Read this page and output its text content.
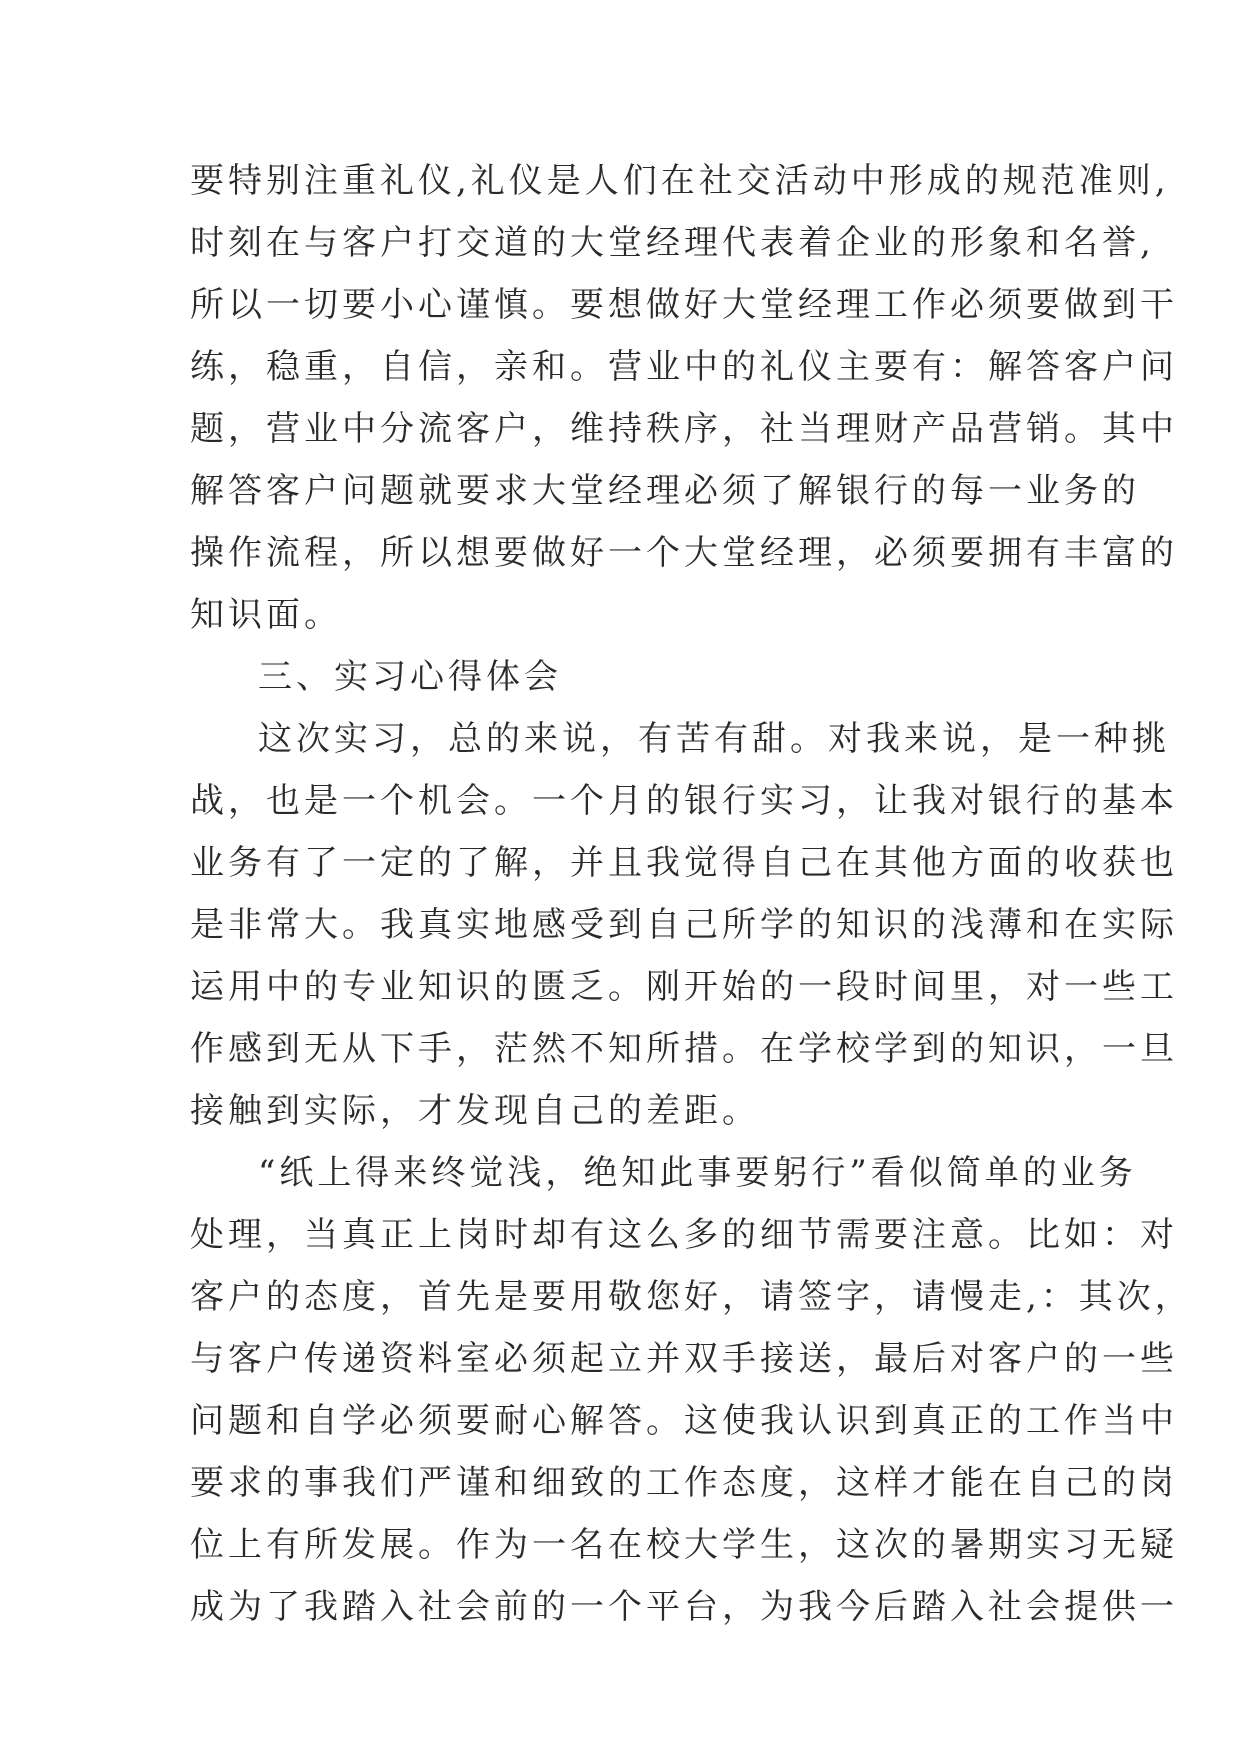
要特别注重礼仪,礼仪是人们在社交活动中形成的规范准则,
时刻在与客户打交道的大堂经理代表着企业的形象和名誉,
所以一切要小心谨慎。要想做好大堂经理工作必须要做到干
练，稳重，自信，亲和。营业中的礼仪主要有：解答客户问
题，营业中分流客户，维持秩序，社当理财产品营销。其中
解答客户问题就要求大堂经理必须了解银行的每一业务的
操作流程，所以想要做好一个大堂经理，必须要拥有丰富的
知识面。
三、实习心得体会
这次实习，总的来说，有苦有甜。对我来说，是一种挑
战，也是一个机会。一个月的银行实习，让我对银行的基本
业务有了一定的了解，并且我觉得自己在其他方面的收获也
是非常大。我真实地感受到自己所学的知识的浅薄和在实际
运用中的专业知识的匮乏。刚开始的一段时间里，对一些工
作感到无从下手，茫然不知所措。在学校学到的知识，一旦
接触到实际，才发现自己的差距。
“纸上得来终觉浅，绝知此事要躬行”看似简单的业务
处理，当真正上岗时却有这么多的细节需要注意。比如：对
客户的态度，首先是要用敬您好，请签字，请慢走,：其次，
与客户传递资料室必须起立并双手接送，最后对客户的一些
问题和自学必须要耐心解答。这使我认识到真正的工作当中
要求的事我们严谨和细致的工作态度，这样才能在自己的岗
位上有所发展。作为一名在校大学生，这次的暑期实习无疑
成为了我踏入社会前的一个平台，为我今后踏入社会提供一
